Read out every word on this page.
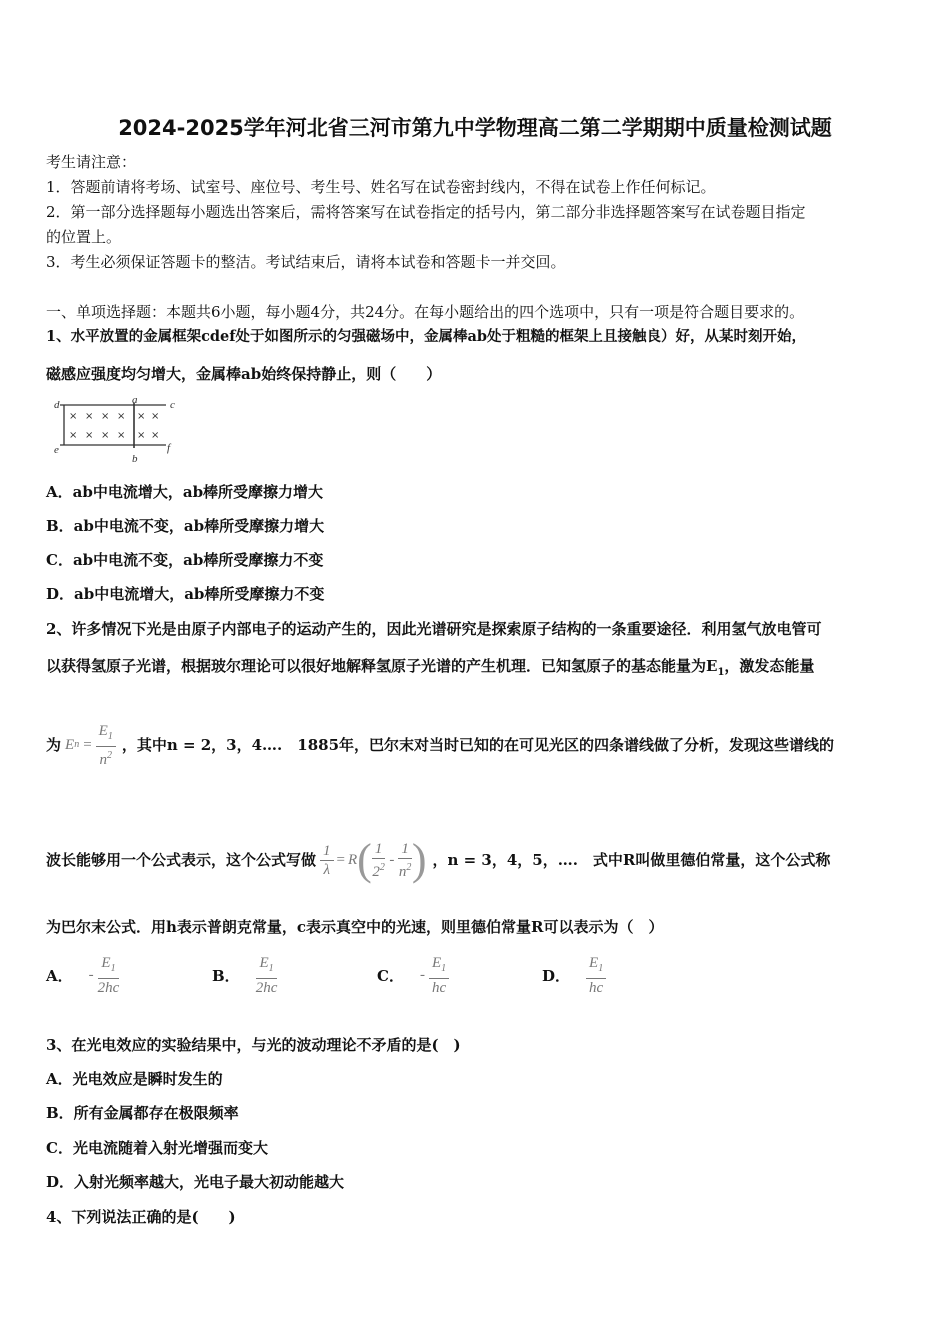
2024-2025学年河北省三河市第九中学物理高二第二学期期中质量检测试题
考生请注意：
1．答题前请将考场、试室号、座位号、考生号、姓名写在试卷密封线内，不得在试卷上作任何标记。
2．第一部分选择题每小题选出答案后，需将答案写在试卷指定的括号内，第二部分非选择题答案写在试卷题目指定
的位置上。
3．考生必须保证答题卡的整洁。考试结束后，请将本试卷和答题卡一并交回。
一、单项选择题：本题共6小题，每小题4分，共24分。在每小题给出的四个选项中，只有一项是符合题目要求的。
1、水平放置的金属框架cdef处于如图所示的匀强磁场中，金属棒ab处于粗糙的框架上且接触良）好，从某时刻开始，
磁感应强度均匀增大，金属棒ab始终保持静止，则（　　）
d	a	c
e
b
f
× × × × × ×
× × × × × ×
A．ab中电流增大，ab棒所受摩擦力增大
B．ab中电流不变，ab棒所受摩擦力增大
C．ab中电流不变，ab棒所受摩擦力不变
D．ab中电流增大，ab棒所受摩擦力不变
2、许多情况下光是由原子内部电子的运动产生的，因此光谱研究是探索原子结构的一条重要途径．利用氢气放电管可
以获得氢原子光谱，根据玻尔理论可以很好地解释氢原子光谱的产生机理．已知氢原子的基态能量为$E_1$，激发态能量
为 E $n = \frac{E_1}{n^2}$ ，其中n = 2，3，4….　1885年，巴尔末对当时已知的在可见光区的四条谱线做了分析，发现这些谱线的
波长能够用一个公式表示，这个公式写做 $\frac{1}{\lambda} = R$ ( $\frac{1}{2^2} - \frac{1}{n^2}$ ) ，n = 3，4，5，….　式中R叫做里德伯常量，这个公式称
为巴尔末公式．用h表示普朗克常量，c表示真空中的光速，则里德伯常量R可以表示为（　）
A． - $\frac{E_1}{2hc}$	B． $\frac{E_1}{2hc}$	C． - $\frac{E_1}{hc}$	D． $\frac{E_1}{hc}$
3、在光电效应的实验结果中，与光的波动理论不矛盾的是(　)
A．光电效应是瞬时发生的
B．所有金属都存在极限频率
C．光电流随着入射光增强而变大
D．入射光频率越大，光电子最大初动能越大
4、下列说法正确的是(　　)
